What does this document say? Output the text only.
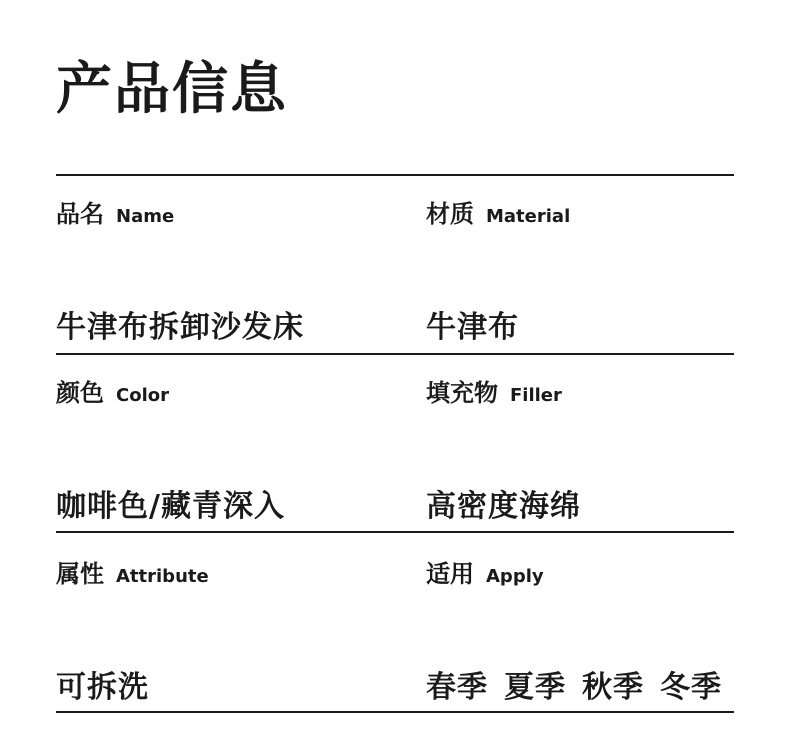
产品信息
品名 Name	材质 Material
牛津布拆卸沙发床	牛津布
颜色 Color	填充物 Filler
咖啡色/藏青深入	高密度海绵
属性 Attribute	适用 Apply
可拆洗	春季 夏季 秋季 冬季
